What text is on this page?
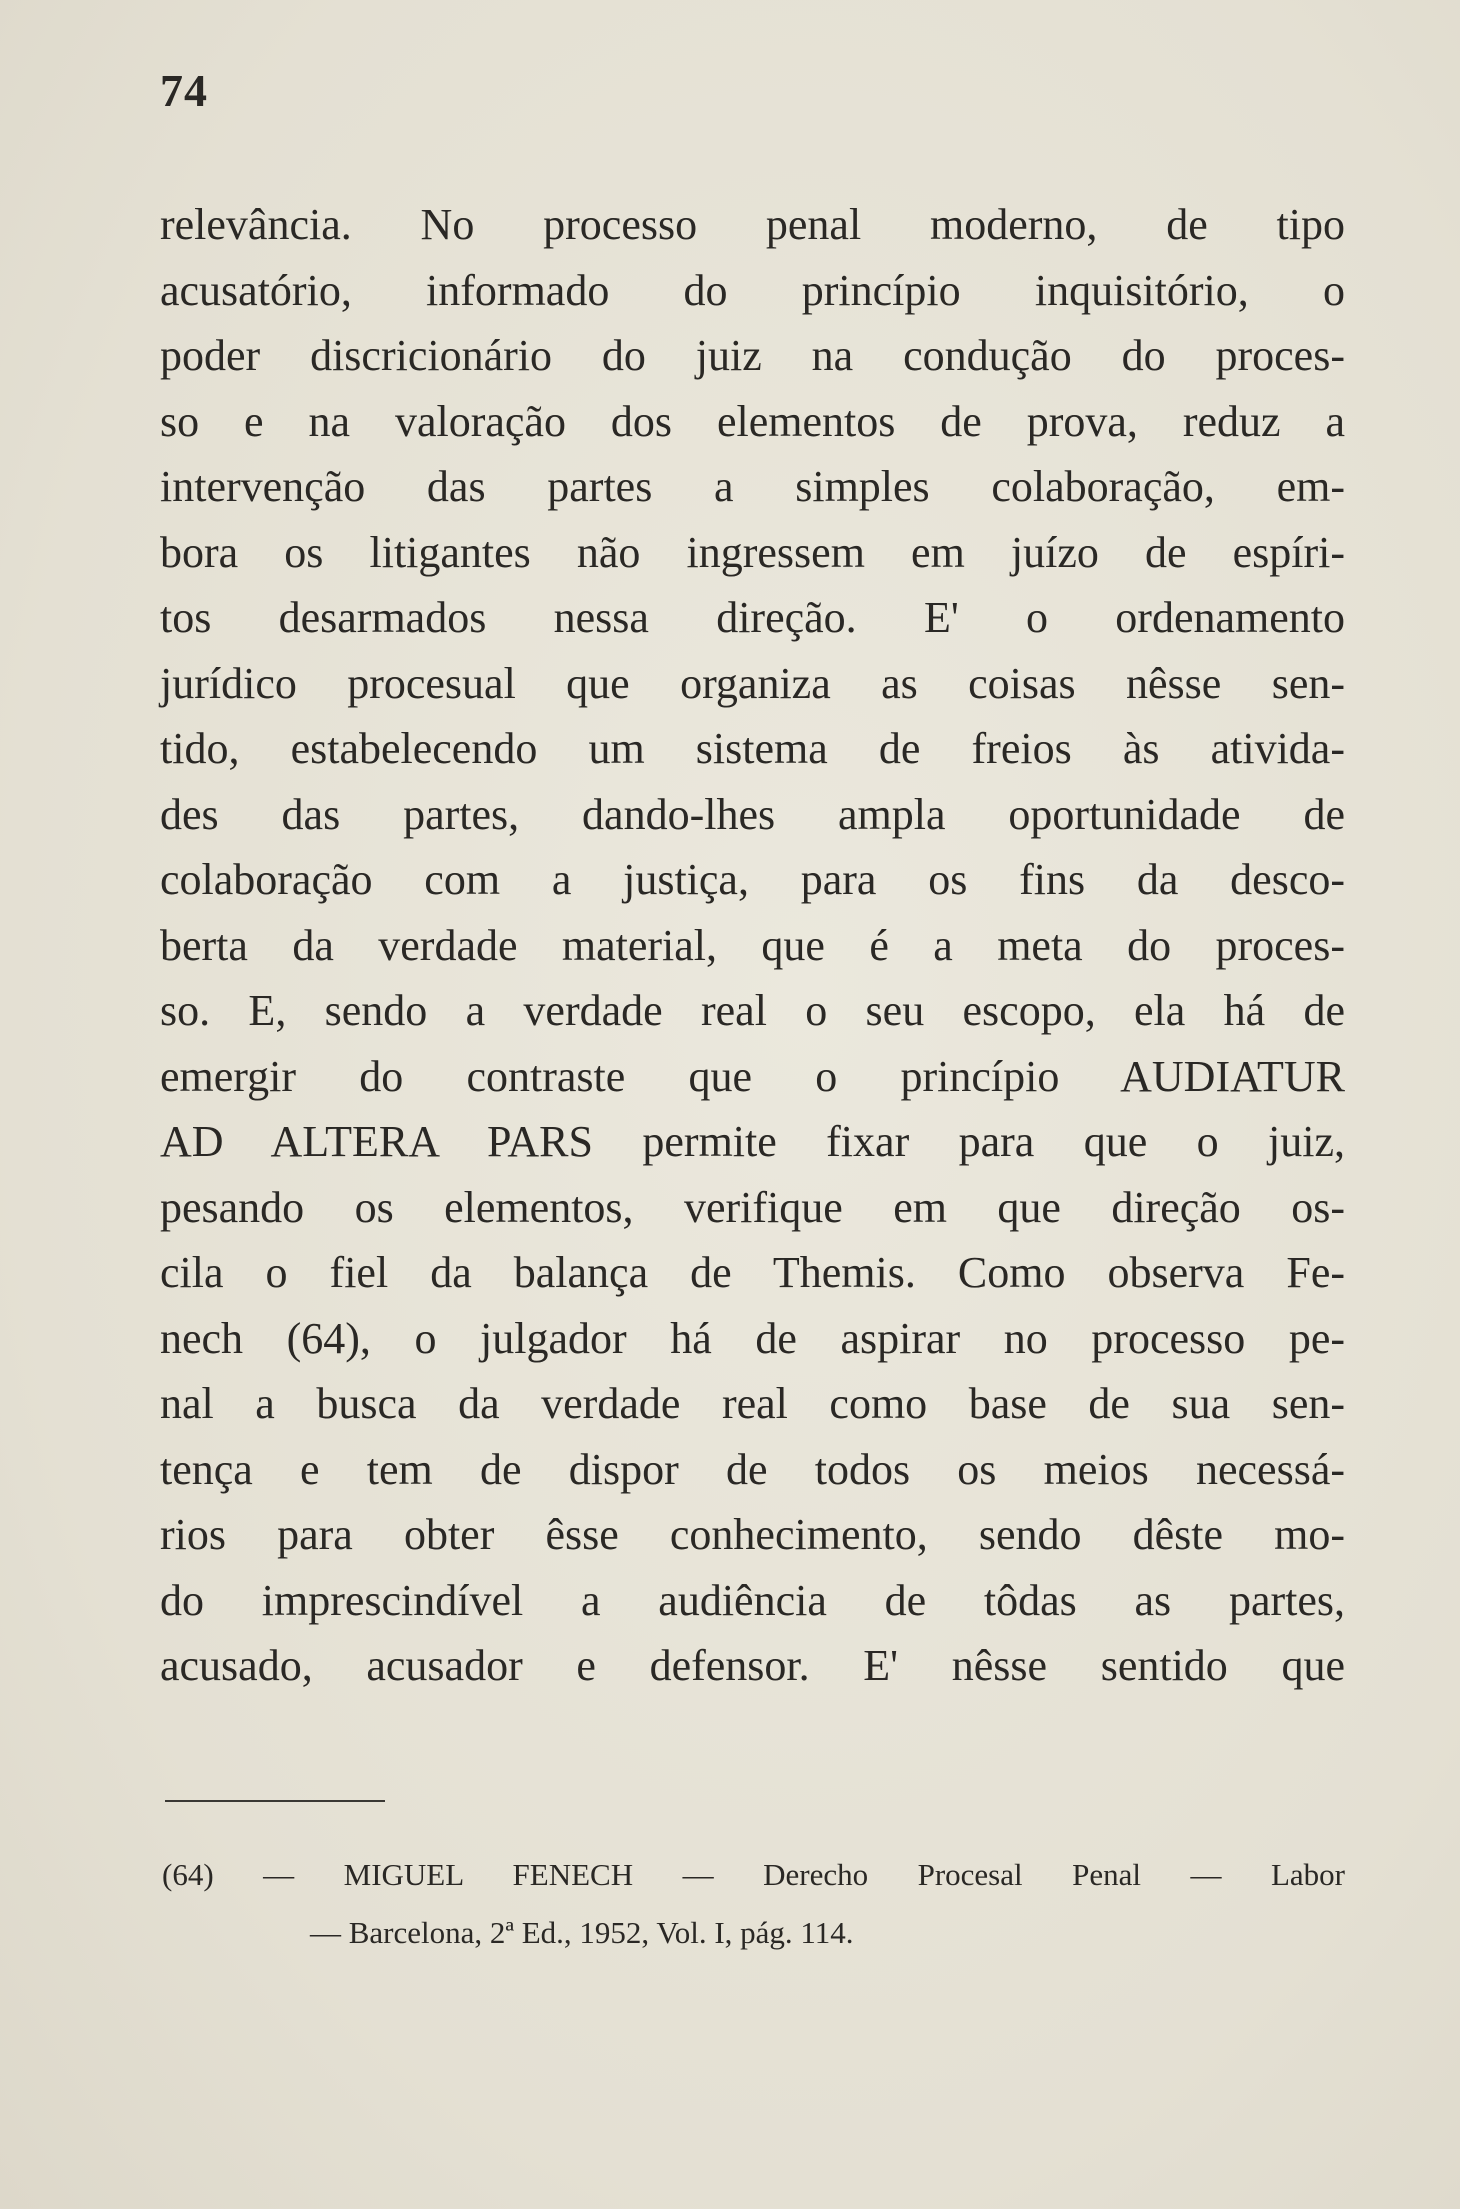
74
relevância. No processo penal moderno, de tipo
acusatório, informado do princípio inquisitório, o
poder discricionário do juiz na condução do proces-
so e na valoração dos elementos de prova, reduz a
intervenção das partes a simples colaboração, em-
bora os litigantes não ingressem em juízo de espíri-
tos desarmados nessa direção. E' o ordenamento
jurídico procesual que organiza as coisas nêsse sen-
tido, estabelecendo um sistema de freios às ativida-
des das partes, dando-lhes ampla oportunidade de
colaboração com a justiça, para os fins da desco-
berta da verdade material, que é a meta do proces-
so. E, sendo a verdade real o seu escopo, ela há de
emergir do contraste que o princípio AUDIATUR
AD ALTERA PARS permite fixar para que o juiz,
pesando os elementos, verifique em que direção os-
cila o fiel da balança de Themis. Como observa Fe-
nech (64), o julgador há de aspirar no processo pe-
nal a busca da verdade real como base de sua sen-
tença e tem de dispor de todos os meios necessá-
rios para obter êsse conhecimento, sendo dêste mo-
do imprescindível a audiência de tôdas as partes,
acusado, acusador e defensor. E' nêsse sentido que
(64) — MIGUEL FENECH — Derecho Procesal Penal — Labor
— Barcelona, 2ª Ed., 1952, Vol. I, pág. 114.
